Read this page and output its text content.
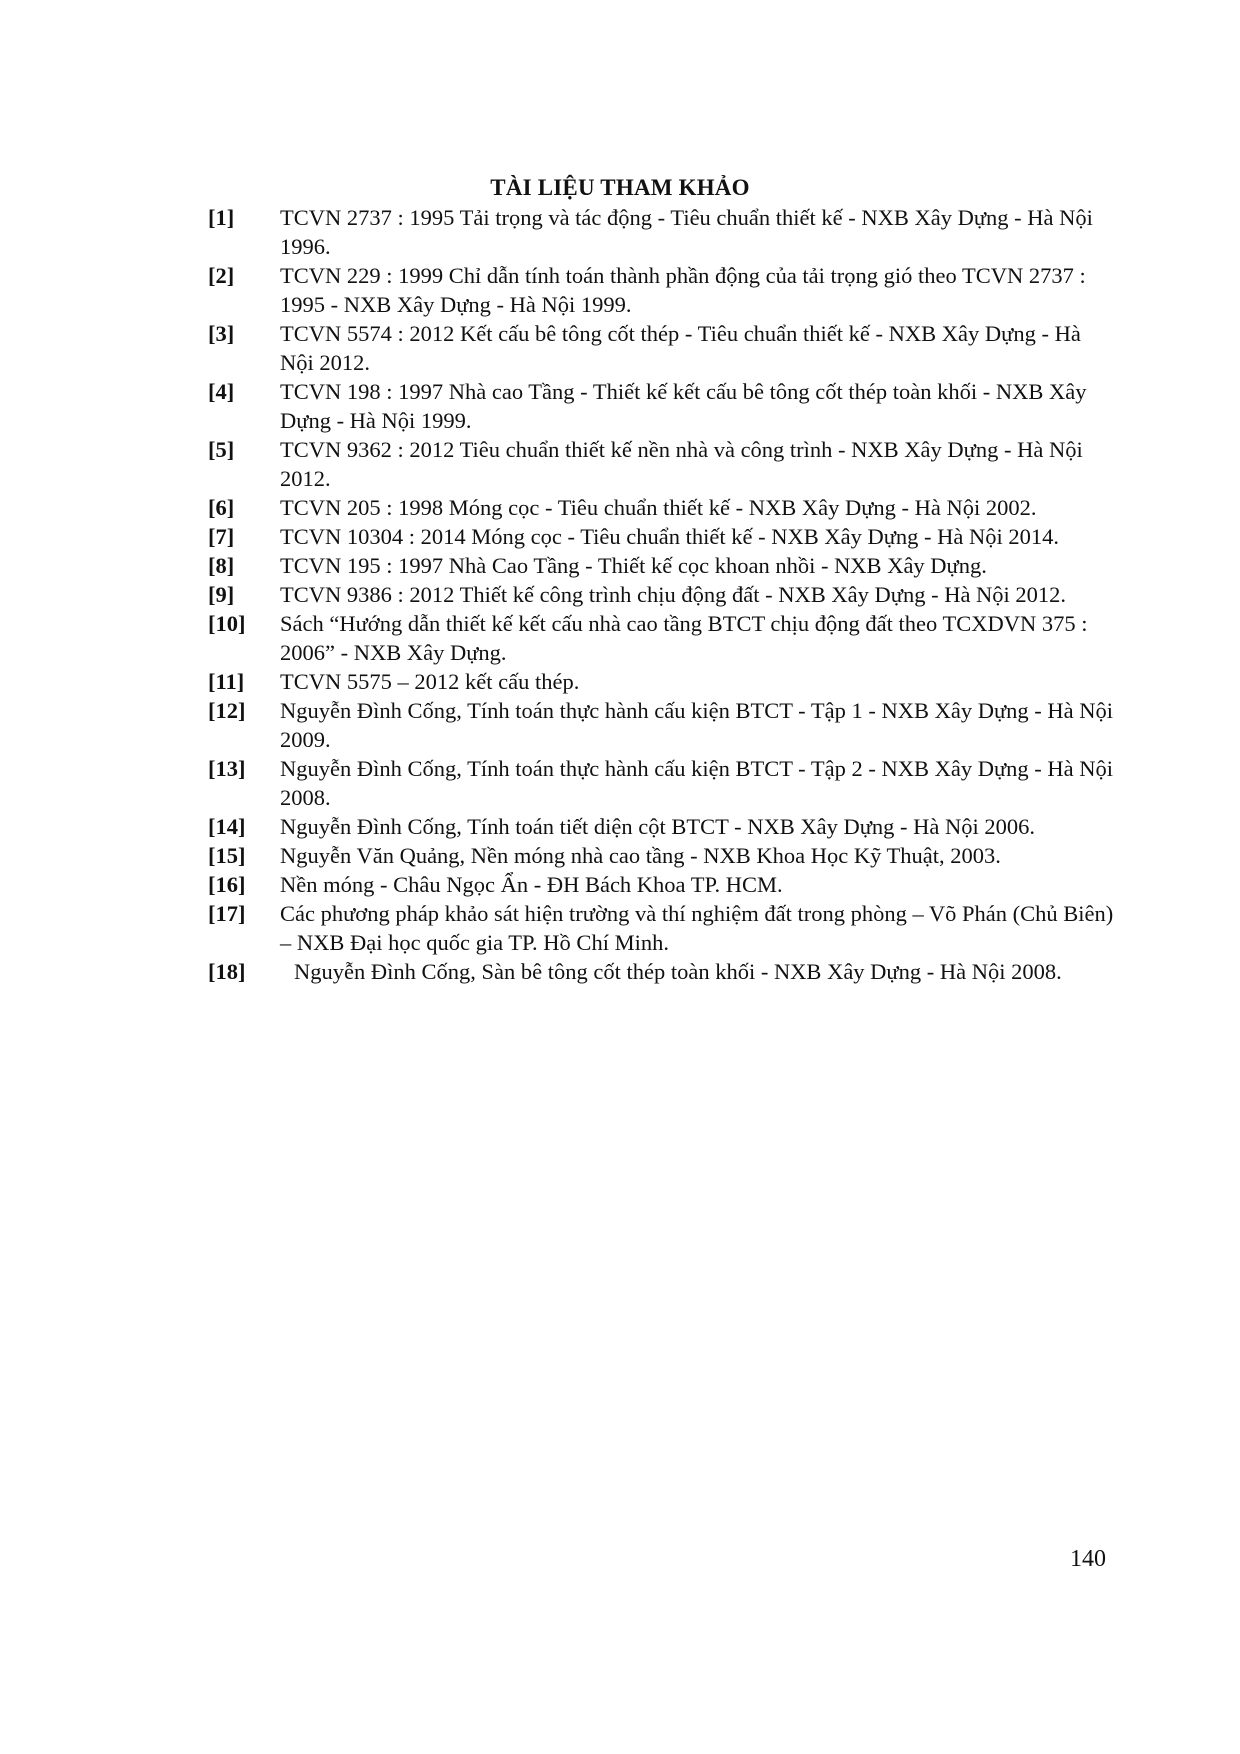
TÀI LIỆU THAM KHẢO
[1]	TCVN 2737 : 1995 Tải trọng và tác động - Tiêu chuẩn thiết kế - NXB Xây Dựng - Hà Nội 1996.
[2]	TCVN 229 : 1999 Chỉ dẫn tính toán thành phần động của tải trọng gió theo TCVN 2737 : 1995 - NXB Xây Dựng - Hà Nội 1999.
[3]	TCVN 5574 : 2012 Kết cấu bê tông cốt thép - Tiêu chuẩn thiết kế - NXB Xây Dựng - Hà Nội 2012.
[4]	TCVN 198 : 1997 Nhà cao Tầng - Thiết kế kết cấu bê tông cốt thép toàn khối - NXB Xây Dựng - Hà Nội 1999.
[5]	TCVN 9362 : 2012 Tiêu chuẩn thiết kế nền nhà và công trình - NXB Xây Dựng - Hà Nội 2012.
[6]	TCVN 205 : 1998 Móng cọc - Tiêu chuẩn thiết kế - NXB Xây Dựng - Hà Nội 2002.
[7]	TCVN 10304 : 2014 Móng cọc - Tiêu chuẩn thiết kế - NXB Xây Dựng - Hà Nội 2014.
[8]	TCVN 195 : 1997 Nhà Cao Tầng - Thiết kế cọc khoan nhồi - NXB Xây Dựng.
[9]	TCVN 9386 : 2012 Thiết kế công trình chịu động đất - NXB Xây Dựng - Hà Nội 2012.
[10]	Sách “Hướng dẫn thiết kế kết cấu nhà cao tầng BTCT chịu động đất theo TCXDVN 375 : 2006” - NXB Xây Dựng.
[11]	TCVN 5575 – 2012 kết cấu thép.
[12]	Nguyễn Đình Cống, Tính toán thực hành cấu kiện BTCT - Tập 1 - NXB Xây Dựng - Hà Nội 2009.
[13]	Nguyễn Đình Cống, Tính toán thực hành cấu kiện BTCT - Tập 2 - NXB Xây Dựng - Hà Nội 2008.
[14]	Nguyễn Đình Cống, Tính toán tiết diện cột BTCT - NXB Xây Dựng - Hà Nội 2006.
[15]	Nguyễn Văn Quảng, Nền móng nhà cao tầng - NXB Khoa Học Kỹ Thuật, 2003.
[16]	Nền móng - Châu Ngọc Ẩn - ĐH Bách Khoa TP. HCM.
[17]	Các phương pháp khảo sát hiện trường và thí nghiệm đất trong phòng – Võ Phán (Chủ Biên) – NXB Đại học quốc gia TP. Hồ Chí Minh.
[18]	Nguyễn Đình Cống, Sàn bê tông cốt thép toàn khối - NXB Xây Dựng - Hà Nội 2008.

140
